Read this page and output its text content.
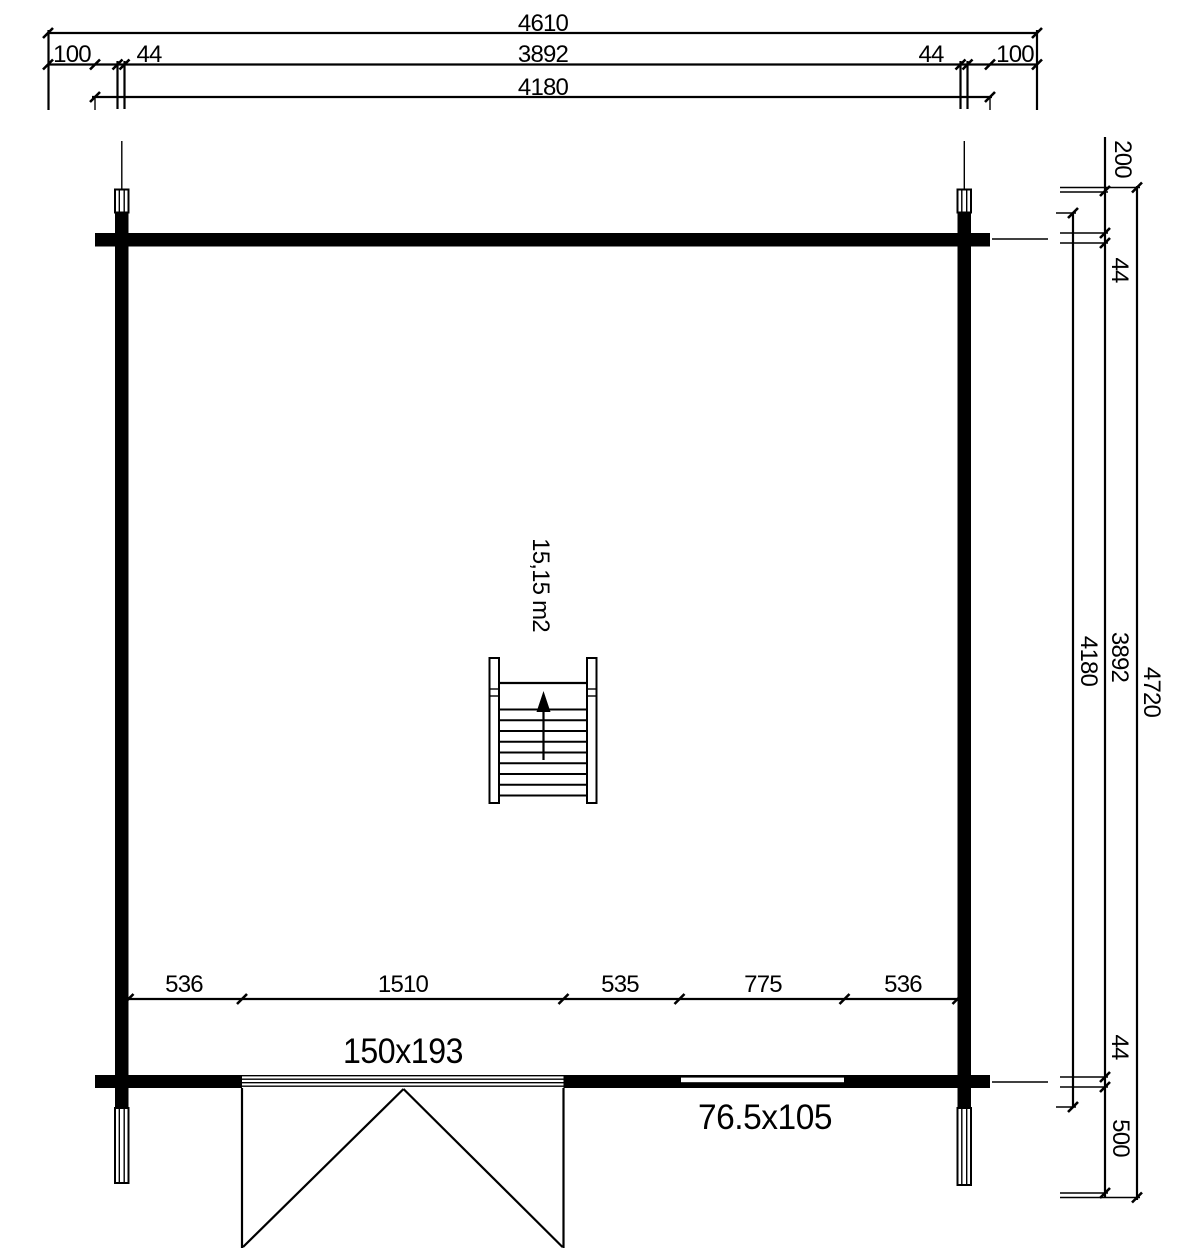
4610
100 44	3892	44 100
4180
200
44
4180 3892
4720
44
500
536	1510	535	775	536
150x193
76.5x105
15,15 m2
